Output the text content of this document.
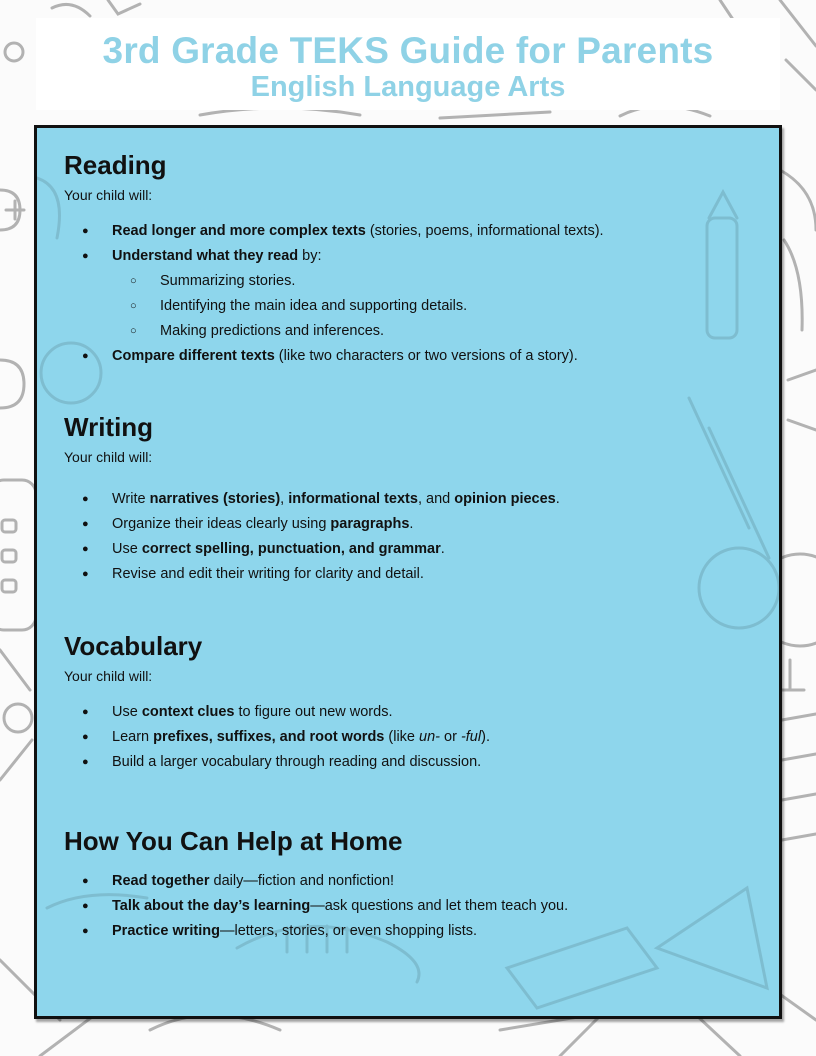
3rd Grade TEKS Guide for Parents
English Language Arts
Reading

Your child will:

● Read longer and more complex texts (stories, poems, informational texts).
● Understand what they read by:
○ Summarizing stories.
○ Identifying the main idea and supporting details.
○ Making predictions and inferences.
● Compare different texts (like two characters or two versions of a story).
Writing

Your child will:

● Write narratives (stories), informational texts, and opinion pieces.
● Organize their ideas clearly using paragraphs.
● Use correct spelling, punctuation, and grammar.
● Revise and edit their writing for clarity and detail.
Vocabulary

Your child will:

● Use context clues to figure out new words.
● Learn prefixes, suffixes, and root words (like un- or -ful).
● Build a larger vocabulary through reading and discussion.
How You Can Help at Home
● Read together daily—fiction and nonfiction!
● Talk about the day’s learning—ask questions and let them teach you.
● Practice writing—letters, stories, or even shopping lists.
